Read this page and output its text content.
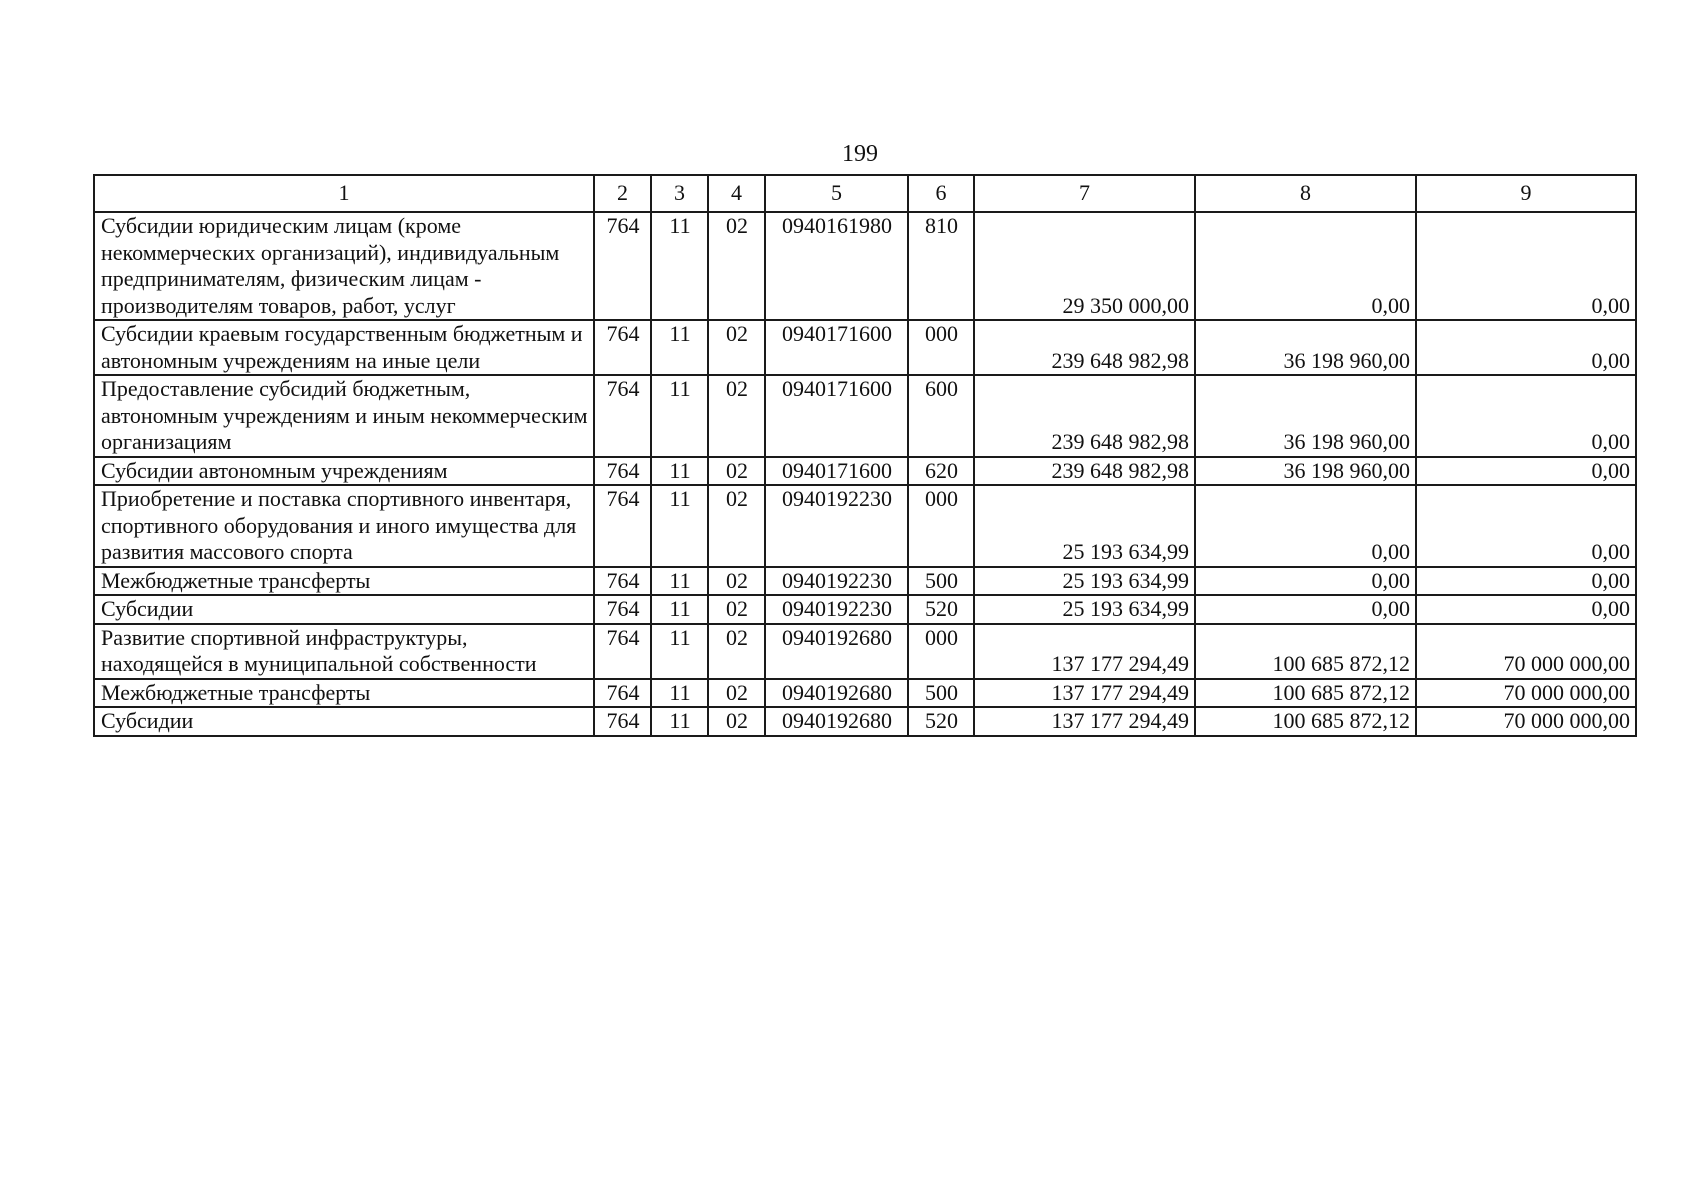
199
1	2	3	4	5	6	7	8	9
Субсидии юридическим лицам (кроме некоммерческих организаций), индивидуальным предпринимателям, физическим лицам - производителям товаров, работ, услуг	764	11	02	0940161980	810	29 350 000,00	0,00	0,00
Субсидии краевым государственным бюджетным и автономным учреждениям на иные цели	764	11	02	0940171600	000	239 648 982,98	36 198 960,00	0,00
Предоставление субсидий бюджетным, автономным учреждениям и иным некоммерческим организациям	764	11	02	0940171600	600	239 648 982,98	36 198 960,00	0,00
Субсидии автономным учреждениям	764	11	02	0940171600	620	239 648 982,98	36 198 960,00	0,00
Приобретение и поставка спортивного инвентаря, спортивного оборудования и иного имущества для развития массового спорта	764	11	02	0940192230	000	25 193 634,99	0,00	0,00
Межбюджетные трансферты	764	11	02	0940192230	500	25 193 634,99	0,00	0,00
Субсидии	764	11	02	0940192230	520	25 193 634,99	0,00	0,00
Развитие спортивной инфраструктуры, находящейся в муниципальной собственности	764	11	02	0940192680	000	137 177 294,49	100 685 872,12	70 000 000,00
Межбюджетные трансферты	764	11	02	0940192680	500	137 177 294,49	100 685 872,12	70 000 000,00
Субсидии	764	11	02	0940192680	520	137 177 294,49	100 685 872,12	70 000 000,00
